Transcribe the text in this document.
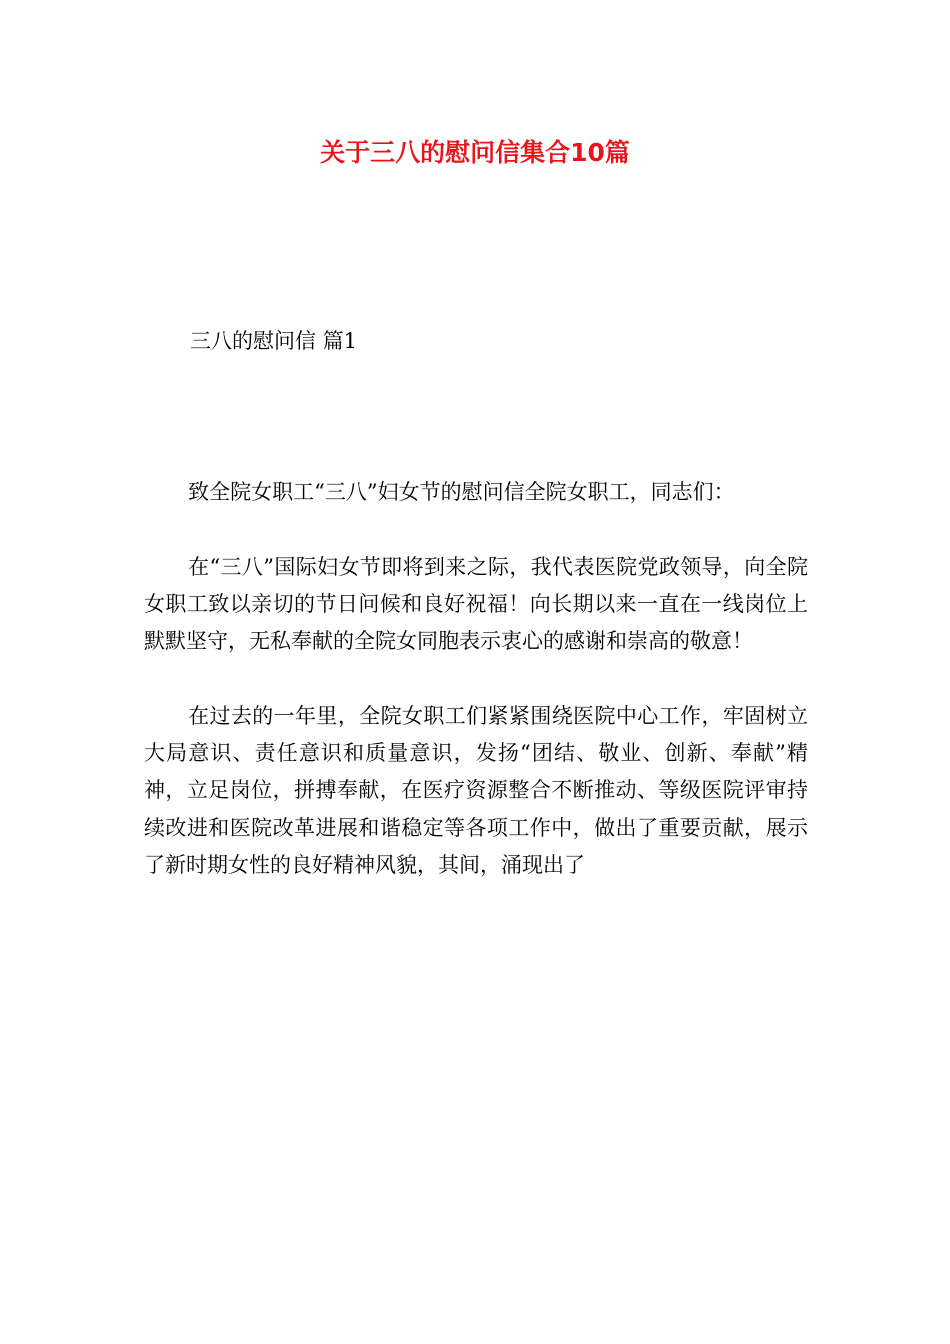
关于三八的慰问信集合10篇
三八的慰问信 篇1

致全院女职工“三八”妇女节的慰问信全院女职工，同志们：

在“三八”国际妇女节即将到来之际，我代表医院党政领导，向全院女职工致以亲切的节日问候和良好祝福！向长期以来一直在一线岗位上默默坚守，无私奉献的全院女同胞表示衷心的感谢和崇高的敬意！

在过去的一年里，全院女职工们紧紧围绕医院中心工作，牢固树立大局意识、责任意识和质量意识，发扬“团结、敬业、创新、奉献”精神，立足岗位，拼搏奉献，在医疗资源整合不断推动、等级医院评审持续改进和医院改革进展和谐稳定等各项工作中，做出了重要贡献，展示了新时期女性的良好精神风貌，其间，涌现出了
